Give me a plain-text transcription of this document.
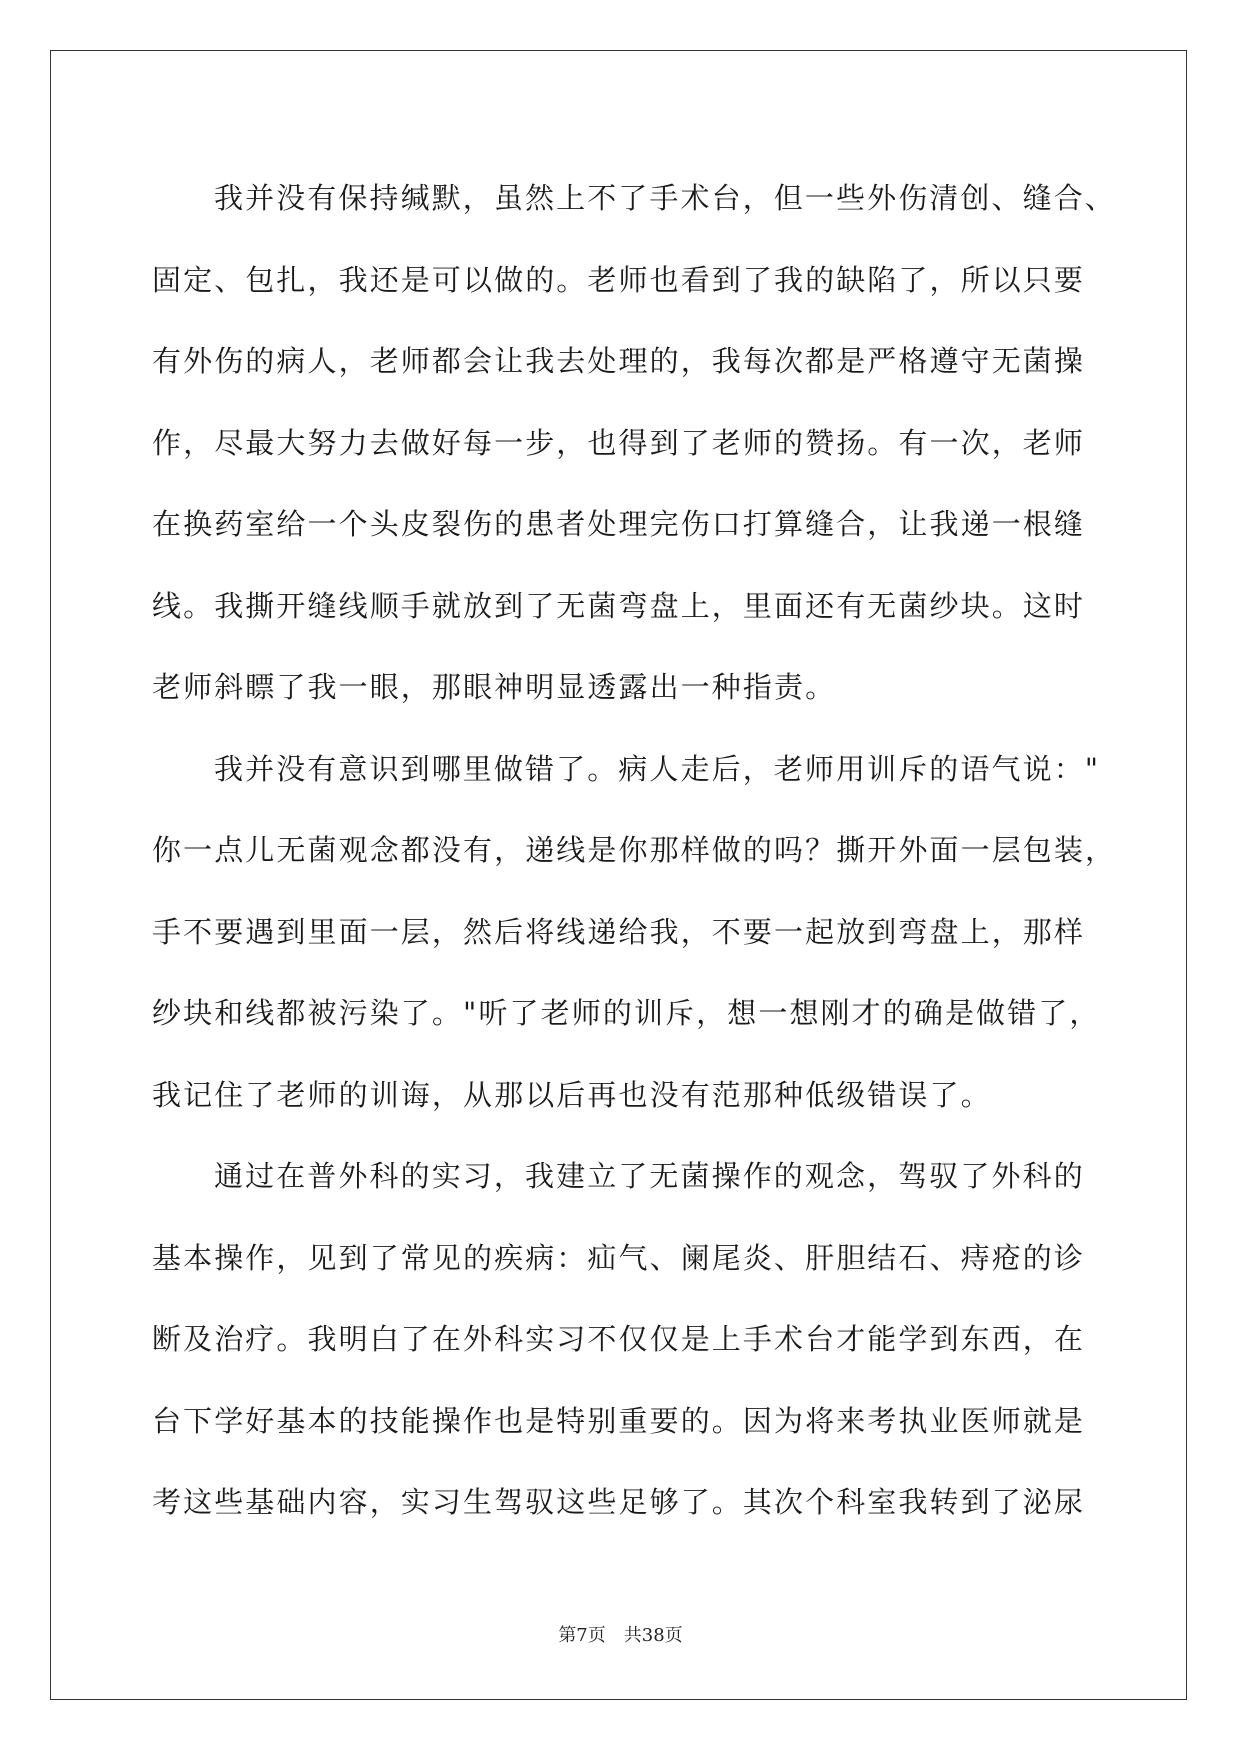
我并没有保持缄默，虽然上不了手术台，但一些外伤清创、缝合、
固定、包扎，我还是可以做的。老师也看到了我的缺陷了，所以只要
有外伤的病人，老师都会让我去处理的，我每次都是严格遵守无菌操
作，尽最大努力去做好每一步，也得到了老师的赞扬。有一次，老师
在换药室给一个头皮裂伤的患者处理完伤口打算缝合，让我递一根缝
线。我撕开缝线顺手就放到了无菌弯盘上，里面还有无菌纱块。这时
老师斜瞟了我一眼，那眼神明显透露出一种指责。

我并没有意识到哪里做错了。病人走后，老师用训斥的语气说："
你一点儿无菌观念都没有，递线是你那样做的吗？撕开外面一层包装，
手不要遇到里面一层，然后将线递给我，不要一起放到弯盘上，那样
纱块和线都被污染了。"听了老师的训斥，想一想刚才的确是做错了，
我记住了老师的训诲，从那以后再也没有范那种低级错误了。

通过在普外科的实习，我建立了无菌操作的观念，驾驭了外科的
基本操作，见到了常见的疾病：疝气、阑尾炎、肝胆结石、痔疮的诊
断及治疗。我明白了在外科实习不仅仅是上手术台才能学到东西，在
台下学好基本的技能操作也是特别重要的。因为将来考执业医师就是
考这些基础内容，实习生驾驭这些足够了。其次个科室我转到了泌尿

第7页 共38页
